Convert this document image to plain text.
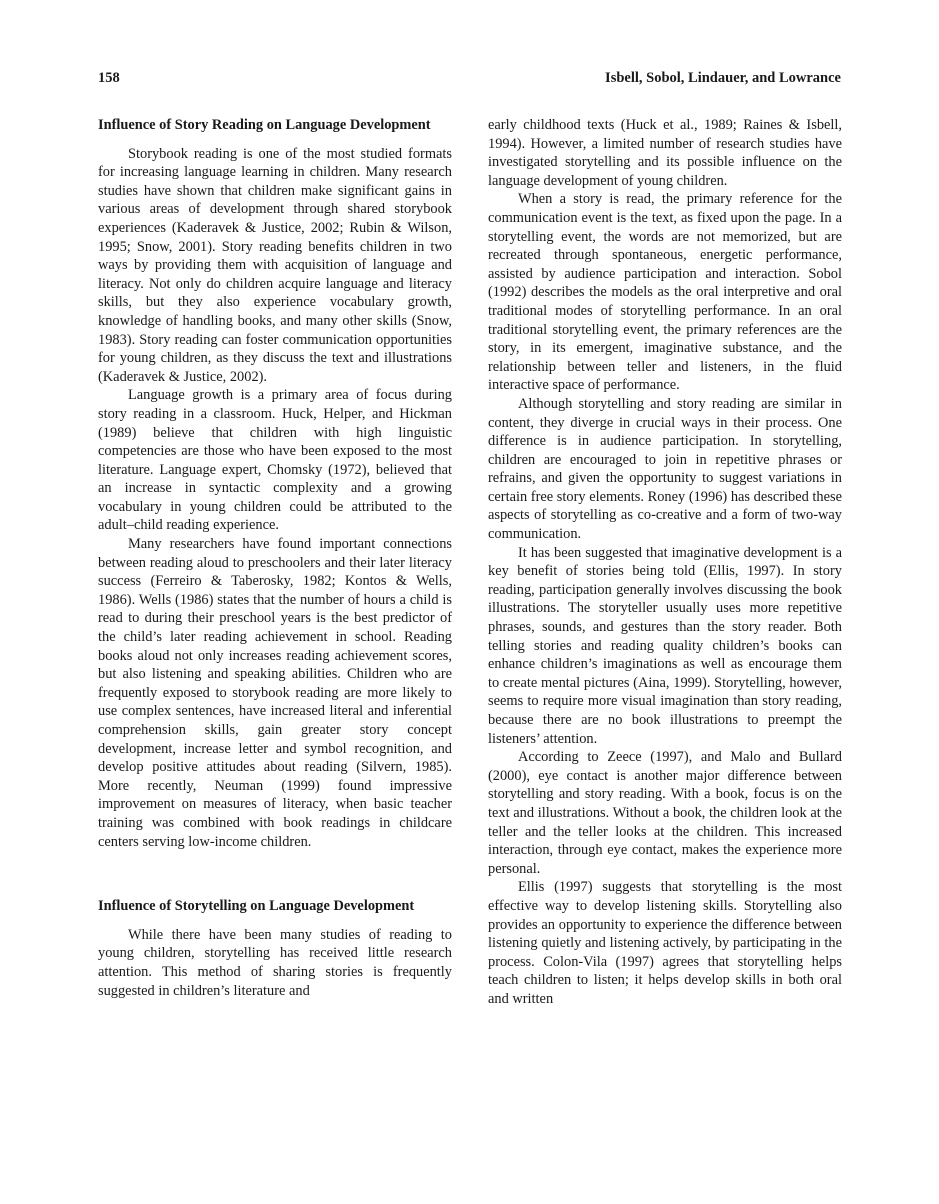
158	Isbell, Sobol, Lindauer, and Lowrance
Influence of Story Reading on Language Development

Storybook reading is one of the most studied formats for increasing language learning in children. Many research studies have shown that children make significant gains in various areas of development through shared storybook experiences (Kaderavek & Justice, 2002; Rubin & Wilson, 1995; Snow, 2001). Story reading benefits children in two ways by providing them with acquisition of language and literacy. Not only do children acquire language and literacy skills, but they also experience vocabulary growth, knowledge of handling books, and many other skills (Snow, 1983). Story reading can foster communication opportunities for young children, as they discuss the text and illustrations (Kaderavek & Justice, 2002).

Language growth is a primary area of focus during story reading in a classroom. Huck, Helper, and Hickman (1989) believe that children with high linguistic competencies are those who have been exposed to the most literature. Language expert, Chomsky (1972), believed that an increase in syntactic complexity and a growing vocabulary in young children could be attributed to the adult–child reading experience.

Many researchers have found important connections between reading aloud to preschoolers and their later literacy success (Ferreiro & Taberosky, 1982; Kontos & Wells, 1986). Wells (1986) states that the number of hours a child is read to during their preschool years is the best predictor of the child’s later reading achievement in school. Reading books aloud not only increases reading achievement scores, but also listening and speaking abilities. Children who are frequently exposed to storybook reading are more likely to use complex sentences, have increased literal and inferential comprehension skills, gain greater story concept development, increase letter and symbol recognition, and develop positive attitudes about reading (Silvern, 1985). More recently, Neuman (1999) found impressive improvement on measures of literacy, when basic teacher training was combined with book readings in childcare centers serving low-income children.

Influence of Storytelling on Language Development

While there have been many studies of reading to young children, storytelling has received little research attention. This method of sharing stories is frequently suggested in children’s literature and

early childhood texts (Huck et al., 1989; Raines & Isbell, 1994). However, a limited number of research studies have investigated storytelling and its possible influence on the language development of young children.

When a story is read, the primary reference for the communication event is the text, as fixed upon the page. In a storytelling event, the words are not memorized, but are recreated through spontaneous, energetic performance, assisted by audience participation and interaction. Sobol (1992) describes the models as the oral interpretive and oral traditional modes of storytelling performance. In an oral traditional storytelling event, the primary references are the story, in its emergent, imaginative substance, and the relationship between teller and listeners, in the fluid interactive space of performance.

Although storytelling and story reading are similar in content, they diverge in crucial ways in their process. One difference is in audience participation. In storytelling, children are encouraged to join in repetitive phrases or refrains, and given the opportunity to suggest variations in certain free story elements. Roney (1996) has described these aspects of storytelling as co-creative and a form of two-way communication.

It has been suggested that imaginative development is a key benefit of stories being told (Ellis, 1997). In story reading, participation generally involves discussing the book illustrations. The storyteller usually uses more repetitive phrases, sounds, and gestures than the story reader. Both telling stories and reading quality children’s books can enhance children’s imaginations as well as encourage them to create mental pictures (Aina, 1999). Storytelling, however, seems to require more visual imagination than story reading, because there are no book illustrations to preempt the listeners’ attention.

According to Zeece (1997), and Malo and Bullard (2000), eye contact is another major difference between storytelling and story reading. With a book, focus is on the text and illustrations. Without a book, the children look at the teller and the teller looks at the children. This increased interaction, through eye contact, makes the experience more personal.

Ellis (1997) suggests that storytelling is the most effective way to develop listening skills. Storytelling also provides an opportunity to experience the difference between listening quietly and listening actively, by participating in the process. Colon-Vila (1997) agrees that storytelling helps teach children to listen; it helps develop skills in both oral and written
